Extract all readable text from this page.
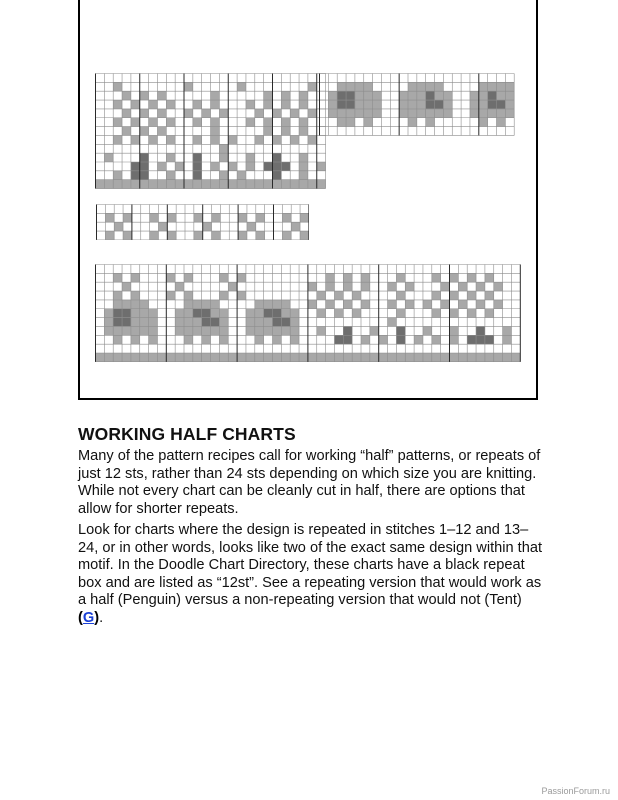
WORKING HALF CHARTS

Many of the pattern recipes call for working “half” patterns, or repeats of just 12 sts, rather than 24 sts depending on which size you are knitting. While not every chart can be cleanly cut in half, there are options that allow for shorter repeats.

Look for charts where the design is repeated in stitches 1–12 and 13–24, or in other words, looks like two of the exact same design within that motif. In the Doodle Chart Directory, these charts have a black repeat box and are listed as “12st”. See a repeating version that would work as a half (Penguin) versus a non-repeating version that would not (Tent) (G).

PassionForum.ru
